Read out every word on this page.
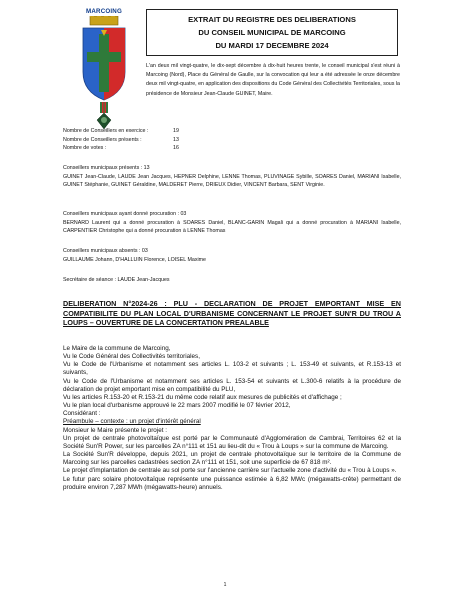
MARCOING
EXTRAIT DU REGISTRE DES DELIBERATIONS
DU CONSEIL MUNICIPAL DE MARCOING
DU MARDI 17 DECEMBRE 2024
L'an deux mil vingt-quatre, le dix-sept décembre à dix-huit heures trente, le conseil municipal s'est réuni à Marcoing (Nord), Place du Général de Gaulle, sur la convocation qui leur a été adressée le onze décembre deux mil vingt-quatre, en application des dispositions du Code Général des Collectivités Territoriales, sous la présidence de Monsieur Jean-Claude GUINET, Maire.
Nombre de Conseillers en exercice :	19
Nombre de Conseillers présents :	13
Nombre de votes :	16
Conseillers municipaux présents : 13
GUINET Jean-Claude, LAUDE Jean Jacques, HEPNER Delphine, LENNE Thomas, PLUVINAGE Sybille, SOARES Daniel, MARIANI Isabelle, GUINET Stéphanie, GUINET Géraldine, MALDERET Pierre, DRIEUX Didier, VINCENT Barbara, SENT Virginie.
Conseillers municipaux ayant donné procuration : 03
BERNARD Laurent qui a donné procuration à SOARES Daniel, BLANC-GARIN Magali qui a donné procuration à MARIANI Isabelle, CARPENTIER Christophe qui a donné procuration à LENNE Thomas
Conseillers municipaux absents : 03
GUILLAUME Johann, D'HALLUIN Florence, LOISEL Maxime
Secrétaire de séance : LAUDE Jean-Jacques
DELIBERATION N°2024-26 : PLU - DECLARATION DE PROJET EMPORTANT MISE EN COMPATIBILITE DU PLAN LOCAL D'URBANISME CONCERNANT LE PROJET SUN'R DU TROU A LOUPS – OUVERTURE DE LA CONCERTATION PREALABLE

Le Maire de la commune de Marcoing,

Vu le Code Général des Collectivités territoriales,

Vu le Code de l'Urbanisme et notamment ses articles L. 103-2 et suivants ; L. 153-49 et suivants, et R.153-13 et suivants,

Vu le Code de l'Urbanisme et notamment ses articles L. 153-54 et suivants et L.300-6 relatifs à la procédure de déclaration de projet emportant mise en compatibilité du PLU,

Vu les articles R.153-20 et R.153-21 du même code relatif aux mesures de publicités et d'affichage ;

Vu le plan local d'urbanisme approuvé le 22 mars 2007 modifié le 07 février 2012,

Considérant :

Préambule – contexte : un projet d'intérêt général

Monsieur le Maire présente le projet :

Un projet de centrale photovoltaïque est porté par le Communauté d'Agglomération de Cambrai, Territoires 62 et la Société Sun'R Power, sur les parcelles ZA n°111 et 151 au lieu-dit du « Trou à Loups » sur la commune de Marcoing.

La Société Sun'R développe, depuis 2021, un projet de centrale photovoltaïque sur le territoire de la Commune de Marcoing sur les parcelles cadastrées section ZA n°111 et 151, soit une superficie de 67 818 m².

Le projet d'implantation de centrale au sol porte sur l'ancienne carrière sur l'actuelle zone d'activité du « Trou à Loups ».

Le futur parc solaire photovoltaïque représente une puissance estimée à 6,82 MWc (mégawatts-crête) permettant de produire environ 7,287 MWh (mégawatts-heure) annuels.

1
